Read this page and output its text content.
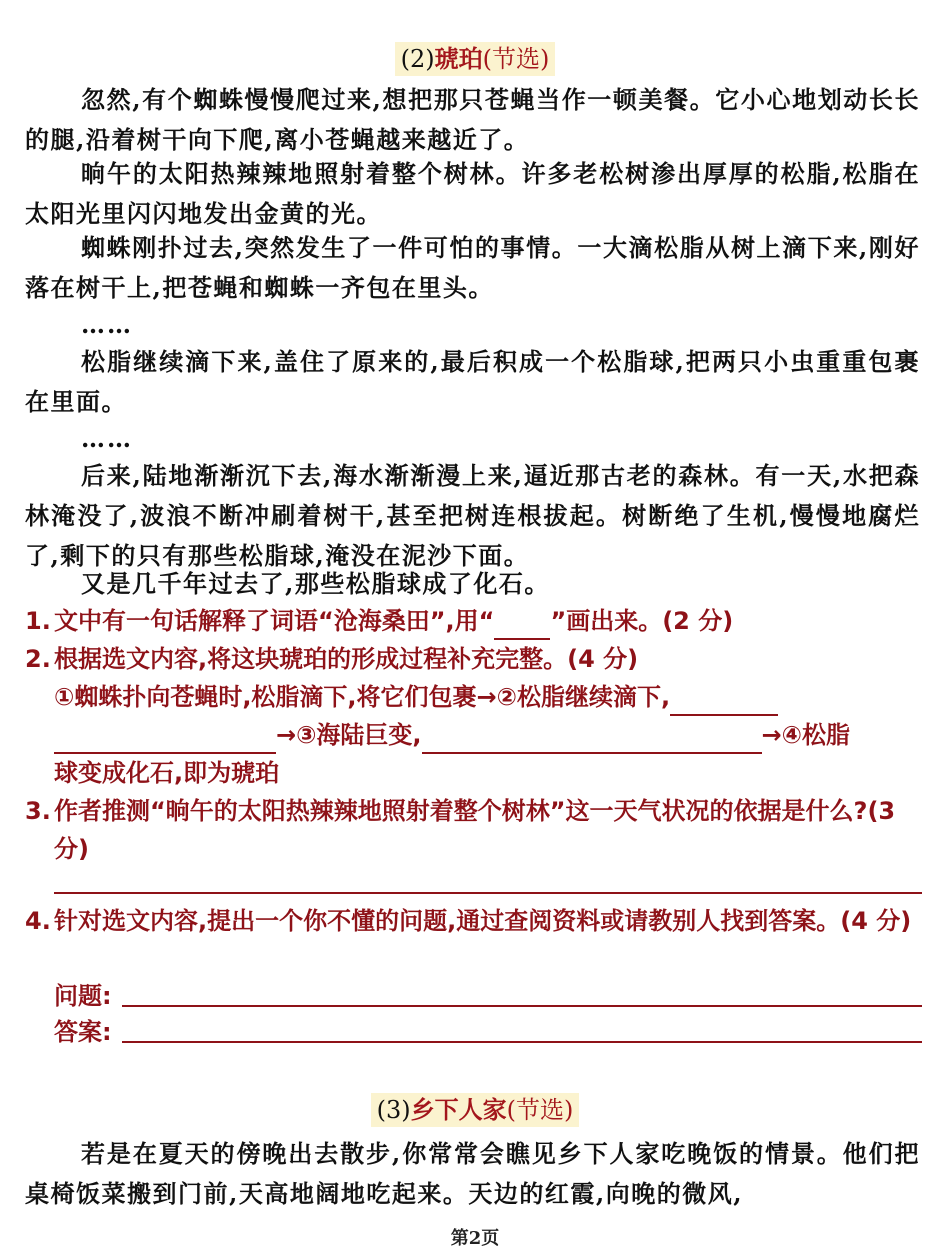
(2)琥珀(节选)

忽然,有个蜘蛛慢慢爬过来,想把那只苍蝇当作一顿美餐。它小心地划动长长的腿,沿着树干向下爬,离小苍蝇越来越近了。

晌午的太阳热辣辣地照射着整个树林。许多老松树渗出厚厚的松脂,松脂在太阳光里闪闪地发出金黄的光。

蜘蛛刚扑过去,突然发生了一件可怕的事情。一大滴松脂从树上滴下来,刚好落在树干上,把苍蝇和蜘蛛一齐包在里头。

……

松脂继续滴下来,盖住了原来的,最后积成一个松脂球,把两只小虫重重包裹在里面。

……

后来,陆地渐渐沉下去,海水渐渐漫上来,逼近那古老的森林。有一天,水把森林淹没了,波浪不断冲刷着树干,甚至把树连根拔起。树断绝了生机,慢慢地腐烂了,剩下的只有那些松脂球,淹没在泥沙下面。

又是几千年过去了,那些松脂球成了化石。

1. 文中有一句话解释了词语“沧海桑田”,用“ ”画出来。(2 分)
2. 根据选文内容,将这块琥珀的形成过程补充完整。(4 分)
①蜘蛛扑向苍蝇时,松脂滴下,将它们包裹→②松脂继续滴下,
→③海陆巨变,	→④松脂
球变成化石,即为琥珀
3. 作者推测“晌午的太阳热辣辣地照射着整个树林”这一天气状况的依据是什么?(3 分)
4. 针对选文内容,提出一个你不懂的问题,通过查阅资料或请教别人找到答案。(4 分)
问题:
答案:
(3)乡下人家(节选)

若是在夏天的傍晚出去散步,你常常会瞧见乡下人家吃晚饭的情景。他们把桌椅饭菜搬到门前,天高地阔地吃起来。天边的红霞,向晚的微风,

第2页
